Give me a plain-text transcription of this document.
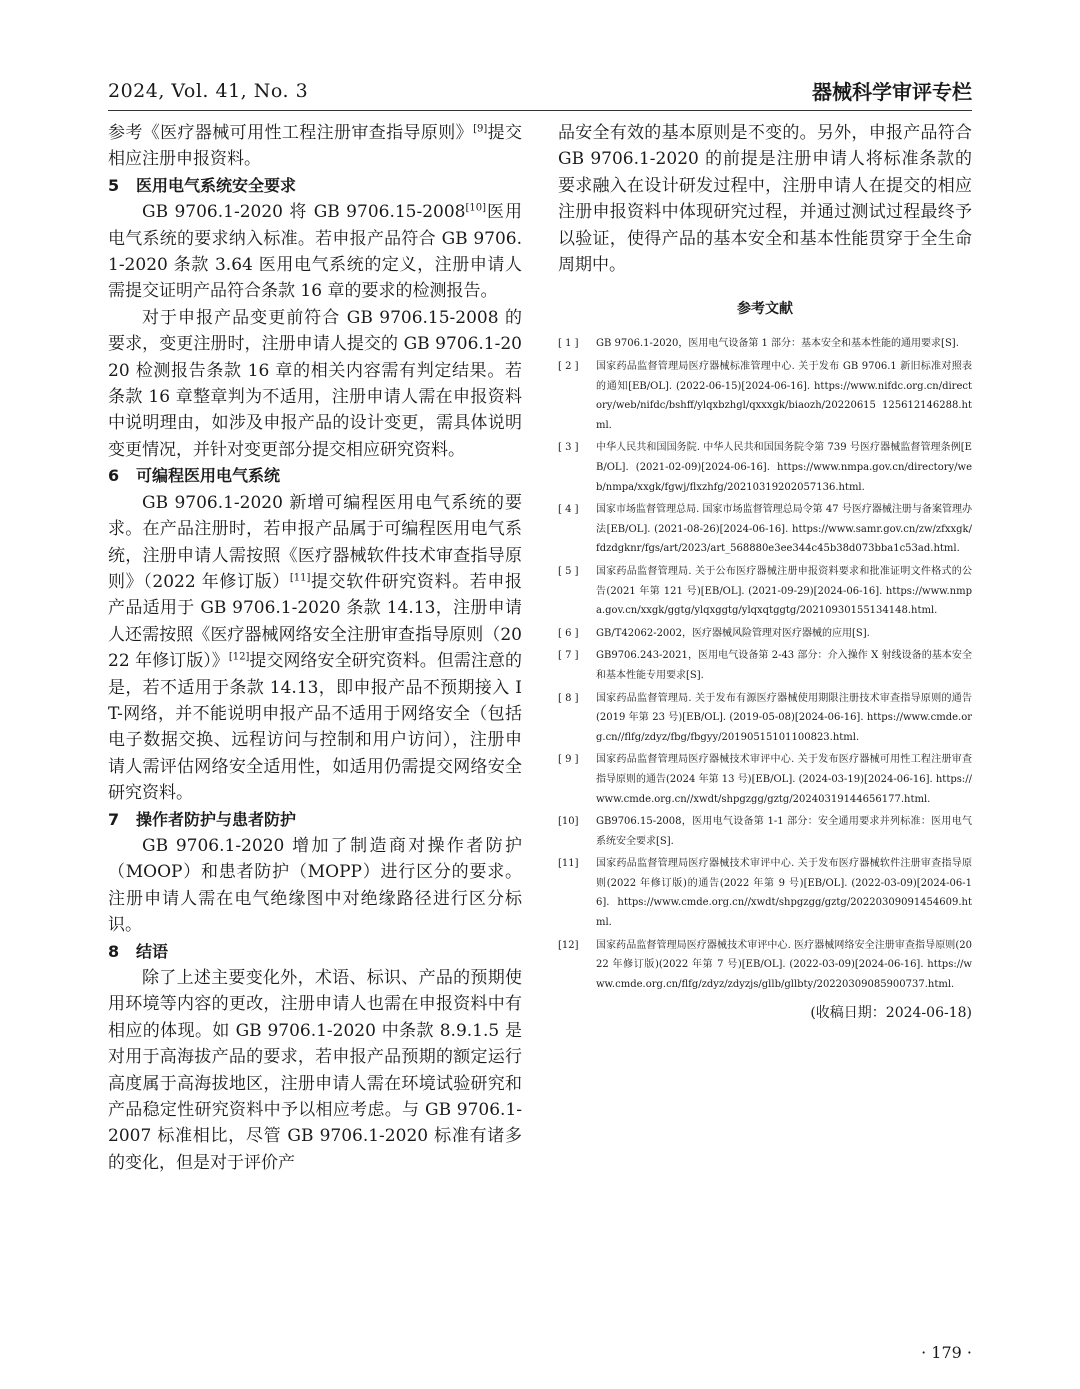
2024, Vol. 41, No. 3	器械科学审评专栏

参考《医疗器械可用性工程注册审查指导原则》[9]提交相应注册申报资料。

5 医用电气系统安全要求

GB 9706.1-2020 将 GB 9706.15-2008[10]医用电气系统的要求纳入标准。若申报产品符合 GB 9706.1-2020 条款 3.64 医用电气系统的定义，注册申请人需提交证明产品符合条款 16 章的要求的检测报告。

对于申报产品变更前符合 GB 9706.15-2008 的要求，变更注册时，注册申请人提交的 GB 9706.1-2020 检测报告条款 16 章的相关内容需有判定结果。若条款 16 章整章判为不适用，注册申请人需在申报资料中说明理由，如涉及申报产品的设计变更，需具体说明变更情况，并针对变更部分提交相应研究资料。

6 可编程医用电气系统

GB 9706.1-2020 新增可编程医用电气系统的要求。在产品注册时，若申报产品属于可编程医用电气系统，注册申请人需按照《医疗器械软件技术审查指导原则》（2022 年修订版）[11]提交软件研究资料。若申报产品适用于 GB 9706.1-2020 条款 14.13，注册申请人还需按照《医疗器械网络安全注册审查指导原则（2022 年修订版）》[12]提交网络安全研究资料。但需注意的是，若不适用于条款 14.13，即申报产品不预期接入 IT-网络，并不能说明申报产品不适用于网络安全（包括电子数据交换、远程访问与控制和用户访问），注册申请人需评估网络安全适用性，如适用仍需提交网络安全研究资料。

7 操作者防护与患者防护

GB 9706.1-2020 增加了制造商对操作者防护（MOOP）和患者防护（MOPP）进行区分的要求。注册申请人需在电气绝缘图中对绝缘路径进行区分标识。

8 结语

除了上述主要变化外，术语、标识、产品的预期使用环境等内容的更改，注册申请人也需在申报资料中有相应的体现。如 GB 9706.1-2020 中条款 8.9.1.5 是对用于高海拔产品的要求，若申报产品预期的额定运行高度属于高海拔地区，注册申请人需在环境试验研究和产品稳定性研究资料中予以相应考虑。与 GB 9706.1-2007 标准相比，尽管 GB 9706.1-2020 标准有诸多的变化，但是对于评价产

品安全有效的基本原则是不变的。另外，申报产品符合 GB 9706.1-2020 的前提是注册申请人将标准条款的要求融入在设计研发过程中，注册申请人在提交的相应注册申报资料中体现研究过程，并通过测试过程最终予以验证，使得产品的基本安全和基本性能贯穿于全生命周期中。

参考文献
[ 1 ]	GB 9706.1-2020，医用电气设备第 1 部分：基本安全和基本性能的通用要求[S].
[ 2 ]	国家药品监督管理局医疗器械标准管理中心. 关于发布 GB 9706.1 新旧标准对照表的通知[EB/OL]. (2022-06-15)[2024-06-16]. https://www.nifdc.org.cn/directory/web/nifdc/bshff/ylqxbzhgl/qxxxgk/biaozh/20220615 125612146288.html.
[ 3 ]	中华人民共和国国务院. 中华人民共和国国务院令第 739 号医疗器械监督管理条例[EB/OL]. (2021-02-09)[2024-06-16]. https://www.nmpa.gov.cn/directory/web/nmpa/xxgk/fgwj/flxzhfg/20210319202057136.html.
[ 4 ]	国家市场监督管理总局. 国家市场监督管理总局令第 47 号医疗器械注册与备案管理办法[EB/OL]. (2021-08-26)[2024-06-16]. https://www.samr.gov.cn/zw/zfxxgk/fdzdgknr/fgs/art/2023/art_568880e3ee344c45b38d073bba1c53ad.html.
[ 5 ]	国家药品监督管理局. 关于公布医疗器械注册申报资料要求和批准证明文件格式的公告(2021 年第 121 号)[EB/OL]. (2021-09-29)[2024-06-16]. https://www.nmpa.gov.cn/xxgk/ggtg/ylqxggtg/ylqxqtggtg/20210930155134148.html.
[ 6 ]	GB/T42062-2002，医疗器械风险管理对医疗器械的应用[S].
[ 7 ]	GB9706.243-2021，医用电气设备第 2-43 部分：介入操作 X 射线设备的基本安全和基本性能专用要求[S].
[ 8 ]	国家药品监督管理局. 关于发布有源医疗器械使用期限注册技术审查指导原则的通告(2019 年第 23 号)[EB/OL]. (2019-05-08)[2024-06-16]. https://www.cmde.org.cn//flfg/zdyz/fbg/fbgyy/20190515101100823.html.
[ 9 ]	国家药品监督管理局医疗器械技术审评中心. 关于发布医疗器械可用性工程注册审查指导原则的通告(2024 年第 13 号)[EB/OL]. (2024-03-19)[2024-06-16]. https://www.cmde.org.cn//xwdt/shpgzgg/gztg/20240319144656177.html.
[10]	GB9706.15-2008，医用电气设备第 1-1 部分：安全通用要求并列标准：医用电气系统安全要求[S].
[11]	国家药品监督管理局医疗器械技术审评中心. 关于发布医疗器械软件注册审查指导原则(2022 年修订版)的通告(2022 年第 9 号)[EB/OL]. (2022-03-09)[2024-06-16]. https://www.cmde.org.cn//xwdt/shpgzgg/gztg/20220309091454609.html.
[12]	国家药品监督管理局医疗器械技术审评中心. 医疗器械网络安全注册审查指导原则(2022 年修订版)(2022 年第 7 号)[EB/OL]. (2022-03-09)[2024-06-16]. https://www.cmde.org.cn/flfg/zdyz/zdyzjs/gllb/gllbty/20220309085900737.html.
(收稿日期：2024-06-18)
· 179 ·
